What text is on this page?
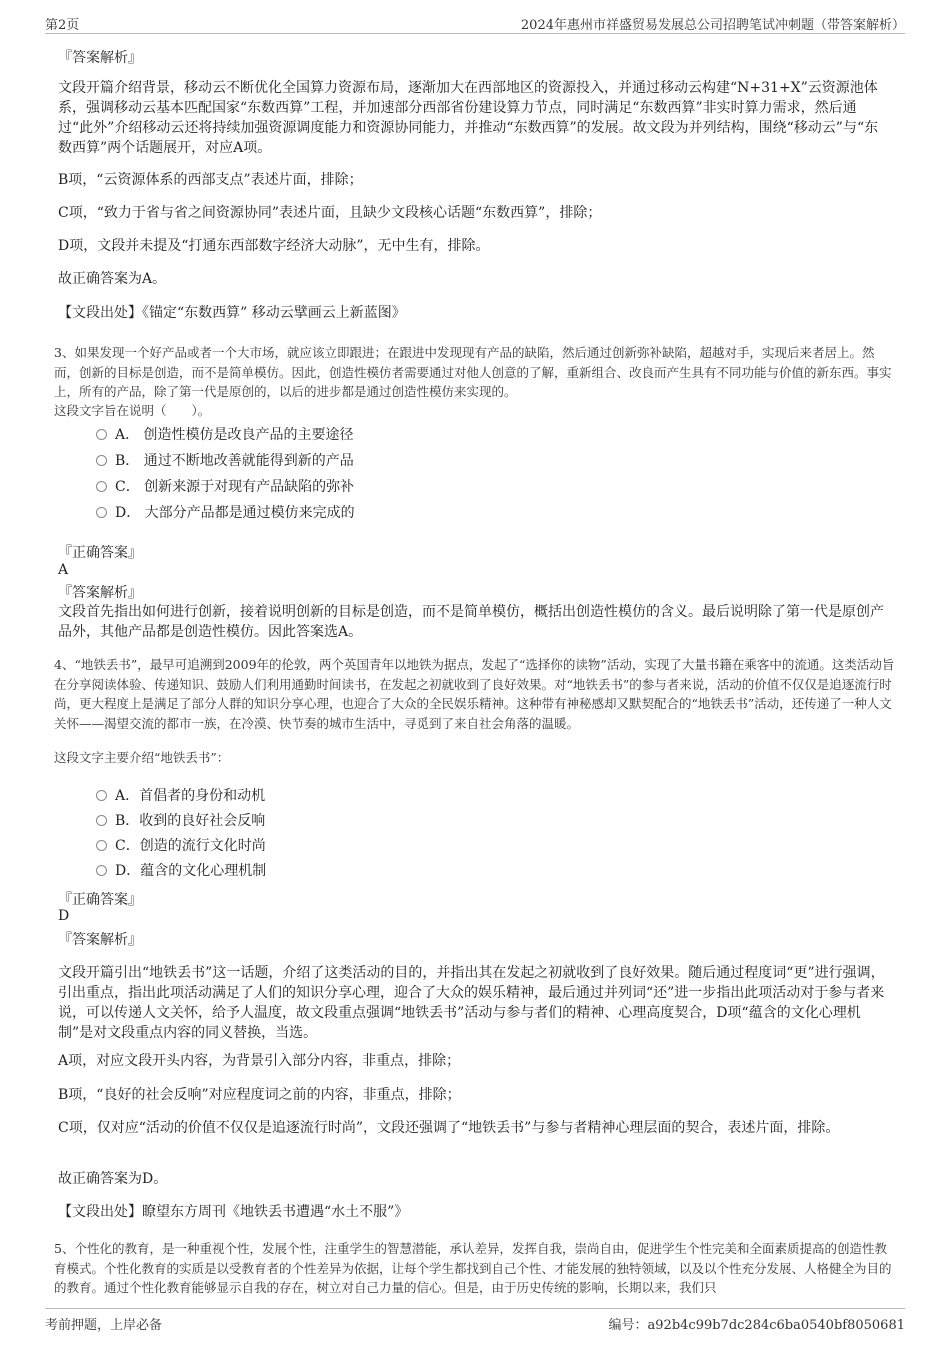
第2页	2024年惠州市祥盛贸易发展总公司招聘笔试冲刺题（带答案解析）
『答案解析』

文段开篇介绍背景，移动云不断优化全国算力资源布局，逐渐加大在西部地区的资源投入，并通过移动云构建“N+31+X”云资源池体系，强调移动云基本匹配国家“东数西算”工程，并加速部分西部省份建设算力节点，同时满足“东数西算”非实时算力需求，然后通过“此外”介绍移动云还将持续加强资源调度能力和资源协同能力，并推动“东数西算”的发展。故文段为并列结构，围绕“移动云”与“东数西算”两个话题展开，对应A项。

B项，“云资源体系的西部支点”表述片面，排除；

C项，“致力于省与省之间资源协同”表述片面，且缺少文段核心话题“东数西算”，排除；

D项，文段并未提及“打通东西部数字经济大动脉”，无中生有，排除。

故正确答案为A。

【文段出处】《锚定“东数西算” 移动云擘画云上新蓝图》

3、如果发现一个好产品或者一个大市场，就应该立即跟进；在跟进中发现现有产品的缺陷，然后通过创新弥补缺陷，超越对手，实现后来者居上。然而，创新的目标是创造，而不是简单模仿。因此，创造性模仿者需要通过对他人创意的了解，重新组合、改良而产生具有不同功能与价值的新东西。事实上，所有的产品，除了第一代是原创的，以后的进步都是通过创造性模仿来实现的。

这段文字旨在说明（　　）。

A． 创造性模仿是改良产品的主要途径
B． 通过不断地改善就能得到新的产品
C． 创新来源于对现有产品缺陷的弥补
D． 大部分产品都是通过模仿来完成的
『正确答案』
A
『答案解析』

文段首先指出如何进行创新，接着说明创新的目标是创造，而不是简单模仿，概括出创造性模仿的含义。最后说明除了第一代是原创产品外，其他产品都是创造性模仿。因此答案选A。

4、“地铁丢书”，最早可追溯到2009年的伦敦，两个英国青年以地铁为据点，发起了“选择你的读物”活动，实现了大量书籍在乘客中的流通。这类活动旨在分享阅读体验、传递知识、鼓励人们利用通勤时间读书，在发起之初就收到了良好效果。对“地铁丢书”的参与者来说，活动的价值不仅仅是追逐流行时尚，更大程度上是满足了部分人群的知识分享心理，也迎合了大众的全民娱乐精神。这种带有神秘感却又默契配合的“地铁丢书”活动，还传递了一种人文关怀——渴望交流的都市一族，在冷漠、快节奏的城市生活中，寻觅到了来自社会角落的温暖。

这段文字主要介绍“地铁丢书”：

A．首倡者的身份和动机
B．收到的良好社会反响
C．创造的流行文化时尚
D．蕴含的文化心理机制
『正确答案』
D
『答案解析』

文段开篇引出“地铁丢书”这一话题，介绍了这类活动的目的，并指出其在发起之初就收到了良好效果。随后通过程度词“更”进行强调，引出重点，指出此项活动满足了人们的知识分享心理，迎合了大众的娱乐精神，最后通过并列词“还”进一步指出此项活动对于参与者来说，可以传递人文关怀，给予人温度，故文段重点强调“地铁丢书”活动与参与者们的精神、心理高度契合，D项“蕴含的文化心理机制”是对文段重点内容的同义替换，当选。

A项，对应文段开头内容，为背景引入部分内容，非重点，排除；

B项，“良好的社会反响”对应程度词之前的内容，非重点，排除；

C项，仅对应“活动的价值不仅仅是追逐流行时尚”，文段还强调了“地铁丢书”与参与者精神心理层面的契合，表述片面，排除。

故正确答案为D。

【文段出处】瞭望东方周刊《地铁丢书遭遇“水土不服”》

5、个性化的教育，是一种重视个性，发展个性，注重学生的智慧潜能，承认差异，发挥自我，崇尚自由，促进学生个性完美和全面素质提高的创造性教育模式。个性化教育的实质是以受教育者的个性差异为依据，让每个学生都找到自己个性、才能发展的独特领域，以及以个性充分发展、人格健全为目的的教育。通过个性化教育能够显示自我的存在，树立对自己力量的信心。但是，由于历史传统的影响，长期以来，我们只

考前押题，上岸必备	编号：a92b4c99b7dc284c6ba0540bf8050681
